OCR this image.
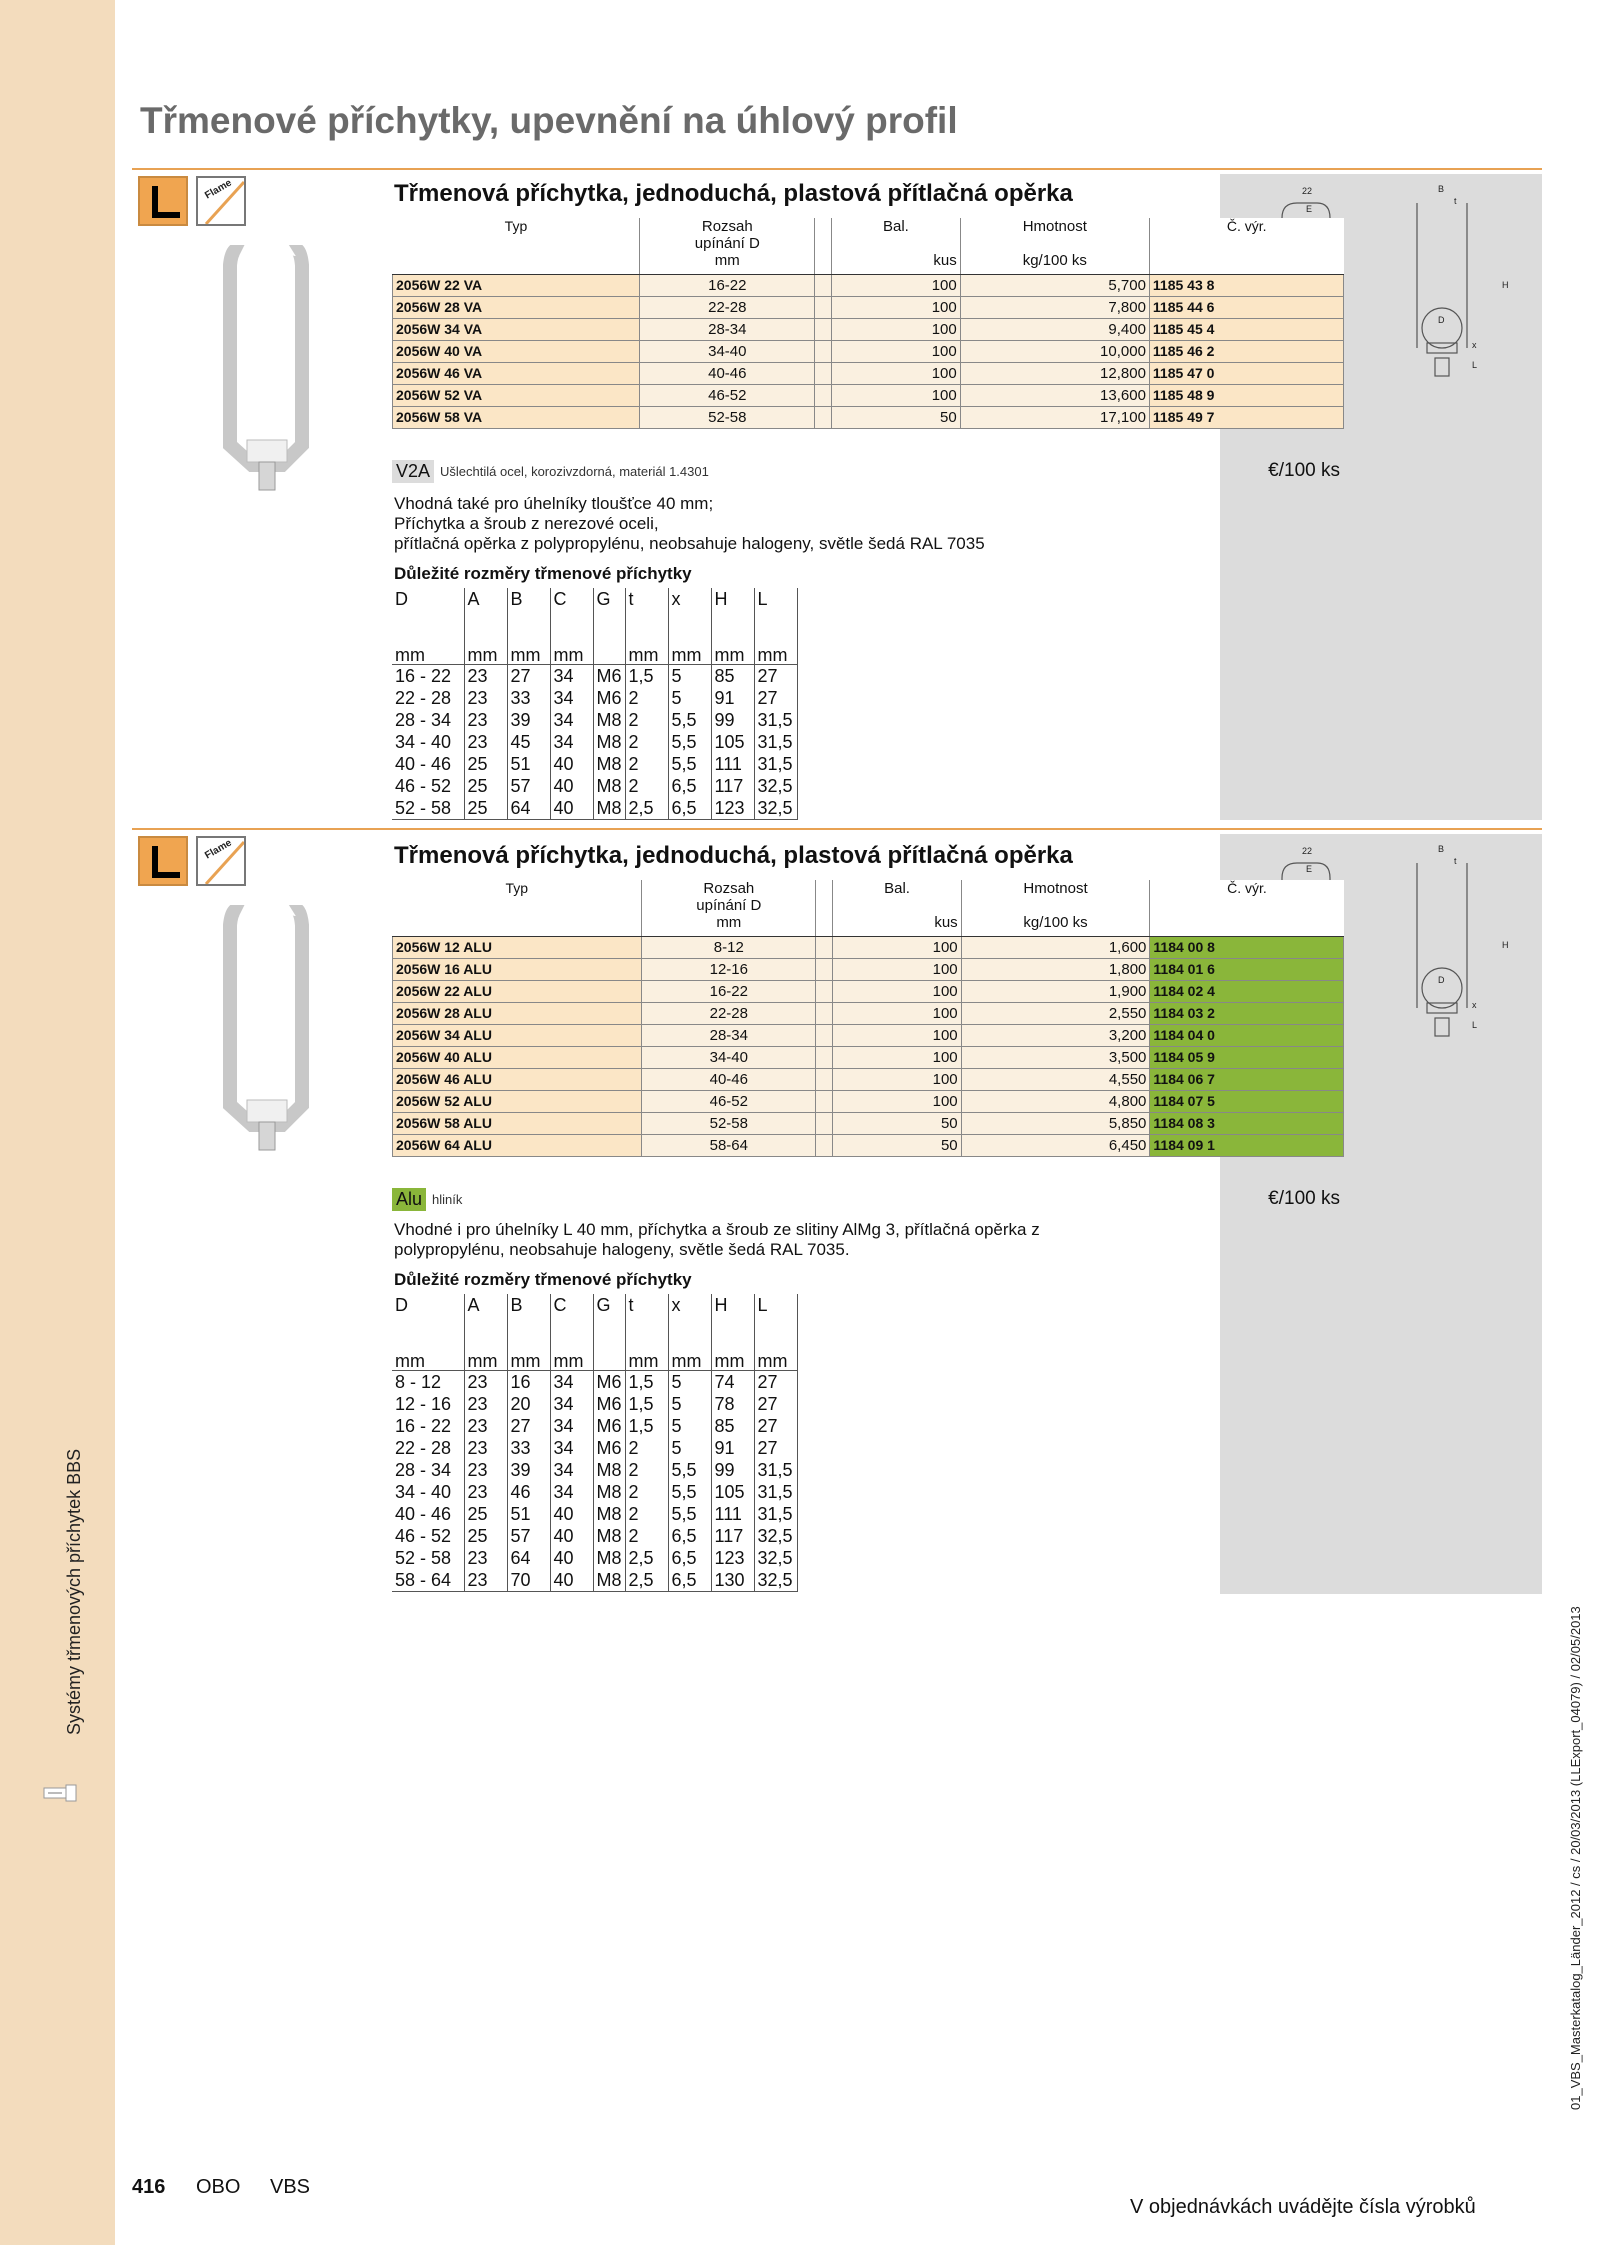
Systémy třmenových příchytek BBS
Třmenové příchytky, upevnění na úhlový profil
Flame	22
E
B
t
H
D
x
L
Třmenová příchytka, jednoduchá, plastová přítlačná opěrka
Typ	Rozsah
upínání D		Bal.	Hmotnost	Č. výr.
	mm		kus	kg/100 ks	
2056W 22 VA	16-22		100	5,700	1185 43 8
2056W 28 VA	22-28		100	7,800	1185 44 6
2056W 34 VA	28-34		100	9,400	1185 45 4
2056W 40 VA	34-40		100	10,000	1185 46 2
2056W 46 VA	40-46		100	12,800	1185 47 0
2056W 52 VA	46-52		100	13,600	1185 48 9
2056W 58 VA	52-58		50	17,100	1185 49 7
V2A Ušlechtilá ocel, korozivzdorná, materiál 1.4301	€/100 ks
Vhodná také pro úhelníky tloušťce 40 mm;
Příchytka a šroub z nerezové oceli,
přítlačná opěrka z polypropylénu, neobsahuje halogeny, světle šedá RAL 7035
Důležité rozměry třmenové příchytky
D	A	B	C	G	t	x	H	L
mm	mm	mm	mm		mm	mm	mm	mm
16 - 22	23	27	34	M6	1,5	5	85	27
22 - 28	23	33	34	M6	2	5	91	27
28 - 34	23	39	34	M8	2	5,5	99	31,5
34 - 40	23	45	34	M8	2	5,5	105	31,5
40 - 46	25	51	40	M8	2	5,5	111	31,5
46 - 52	25	57	40	M8	2	6,5	117	32,5
52 - 58	25	64	40	M8	2,5	6,5	123	32,5
Flame	22
E
B
t
H
D
x
L
Třmenová příchytka, jednoduchá, plastová přítlačná opěrka
Typ	Rozsah
upínání D		Bal.	Hmotnost	Č. výr.
	mm		kus	kg/100 ks	
2056W 12 ALU	8-12		100	1,600	1184 00 8
2056W 16 ALU	12-16		100	1,800	1184 01 6
2056W 22 ALU	16-22		100	1,900	1184 02 4
2056W 28 ALU	22-28		100	2,550	1184 03 2
2056W 34 ALU	28-34		100	3,200	1184 04 0
2056W 40 ALU	34-40		100	3,500	1184 05 9
2056W 46 ALU	40-46		100	4,550	1184 06 7
2056W 52 ALU	46-52		100	4,800	1184 07 5
2056W 58 ALU	52-58		50	5,850	1184 08 3
2056W 64 ALU	58-64		50	6,450	1184 09 1
Alu hliník	€/100 ks
Vhodné i pro úhelníky L 40 mm, příchytka a šroub ze slitiny AlMg 3, přítlačná opěrka z
polypropylénu, neobsahuje halogeny, světle šedá RAL 7035.
Důležité rozměry třmenové příchytky
D	A	B	C	G	t	x	H	L
mm	mm	mm	mm		mm	mm	mm	mm
8 - 12	23	16	34	M6	1,5	5	74	27
12 - 16	23	20	34	M6	1,5	5	78	27
16 - 22	23	27	34	M6	1,5	5	85	27
22 - 28	23	33	34	M6	2	5	91	27
28 - 34	23	39	34	M8	2	5,5	99	31,5
34 - 40	23	46	34	M8	2	5,5	105	31,5
40 - 46	25	51	40	M8	2	5,5	111	31,5
46 - 52	25	57	40	M8	2	6,5	117	32,5
52 - 58	23	64	40	M8	2,5	6,5	123	32,5
58 - 64	23	70	40	M8	2,5	6,5	130	32,5
416 OBO VBS
V objednávkách uvádějte čísla výrobků
01_VBS_Masterkatalog_Länder_2012 / cs / 20/03/2013 (LLExport_04079) / 02/05/2013
